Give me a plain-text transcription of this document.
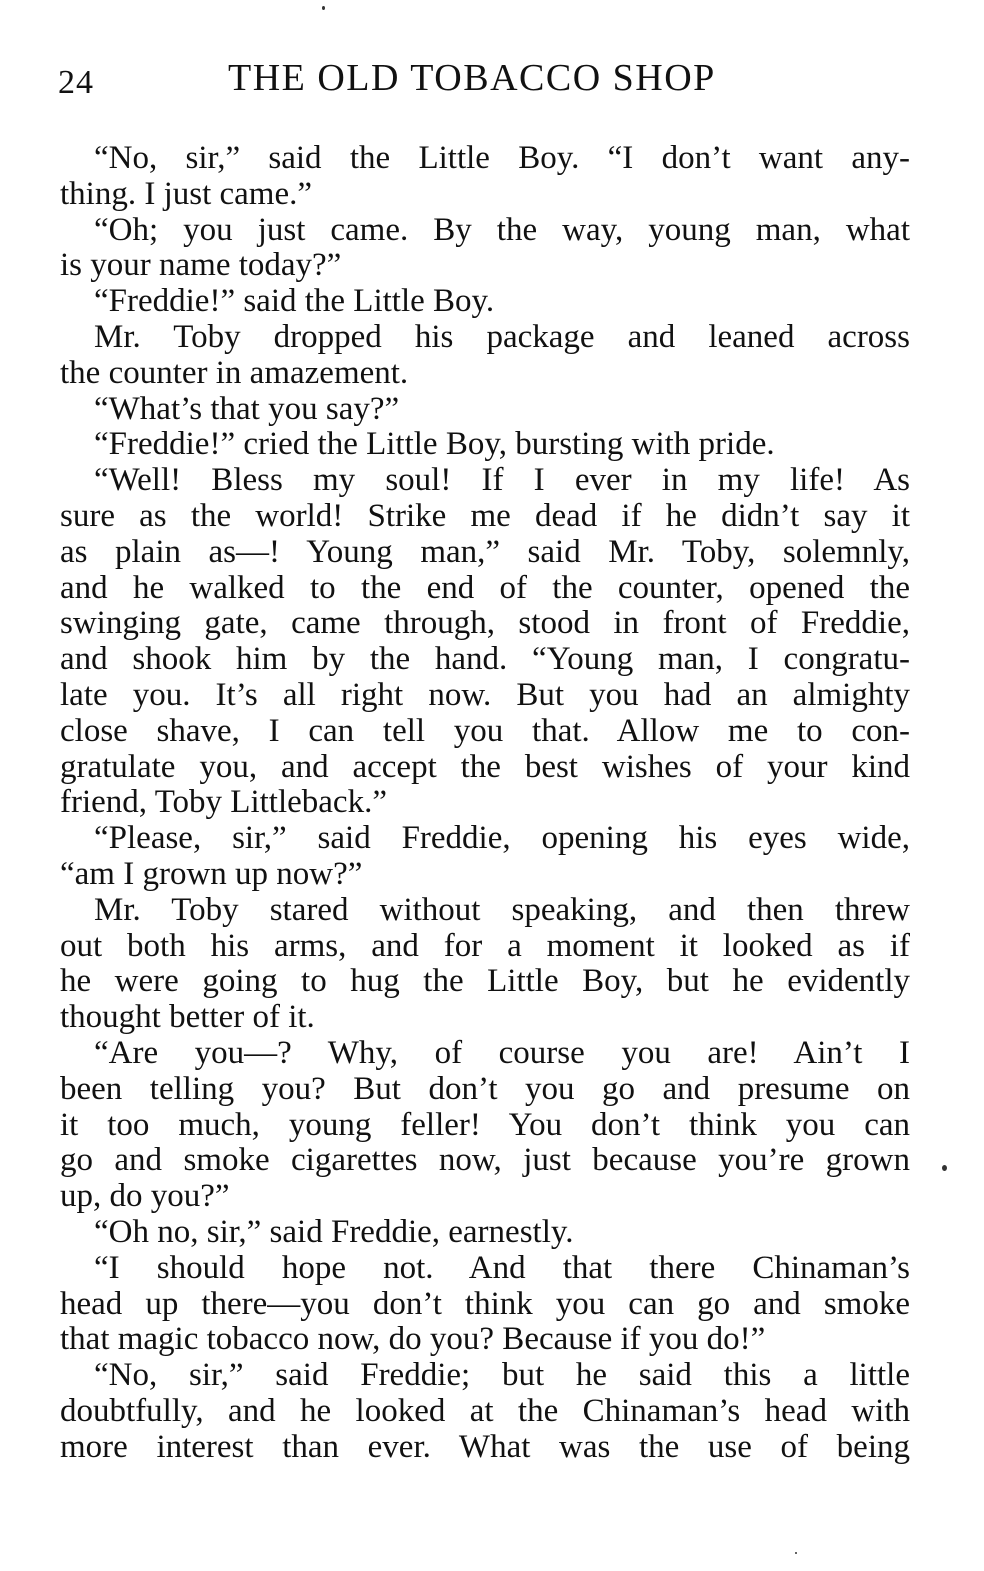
24	THE OLD TOBACCO SHOP
“No, sir,” said the Little Boy. “I don’t want any-
thing. I just came.”
“Oh; you just came. By the way, young man, what
is your name today?”
“Freddie!” said the Little Boy.
Mr. Toby dropped his package and leaned across
the counter in amazement.
“What’s that you say?”
“Freddie!” cried the Little Boy, bursting with pride.
“Well! Bless my soul! If I ever in my life! As
sure as the world! Strike me dead if he didn’t say it
as plain as—! Young man,” said Mr. Toby, solemnly,
and he walked to the end of the counter, opened the
swinging gate, came through, stood in front of Freddie,
and shook him by the hand. “Young man, I congratu-
late you. It’s all right now. But you had an almighty
close shave, I can tell you that. Allow me to con-
gratulate you, and accept the best wishes of your kind
friend, Toby Littleback.”
“Please, sir,” said Freddie, opening his eyes wide,
“am I grown up now?”
Mr. Toby stared without speaking, and then threw
out both his arms, and for a moment it looked as if
he were going to hug the Little Boy, but he evidently
thought better of it.
“Are you—? Why, of course you are! Ain’t I
been telling you? But don’t you go and presume on
it too much, young feller! You don’t think you can
go and smoke cigarettes now, just because you’re grown
up, do you?”
“Oh no, sir,” said Freddie, earnestly.
“I should hope not. And that there Chinaman’s
head up there—you don’t think you can go and smoke
that magic tobacco now, do you? Because if you do!”
“No, sir,” said Freddie; but he said this a little
doubtfully, and he looked at the Chinaman’s head with
more interest than ever. What was the use of being
